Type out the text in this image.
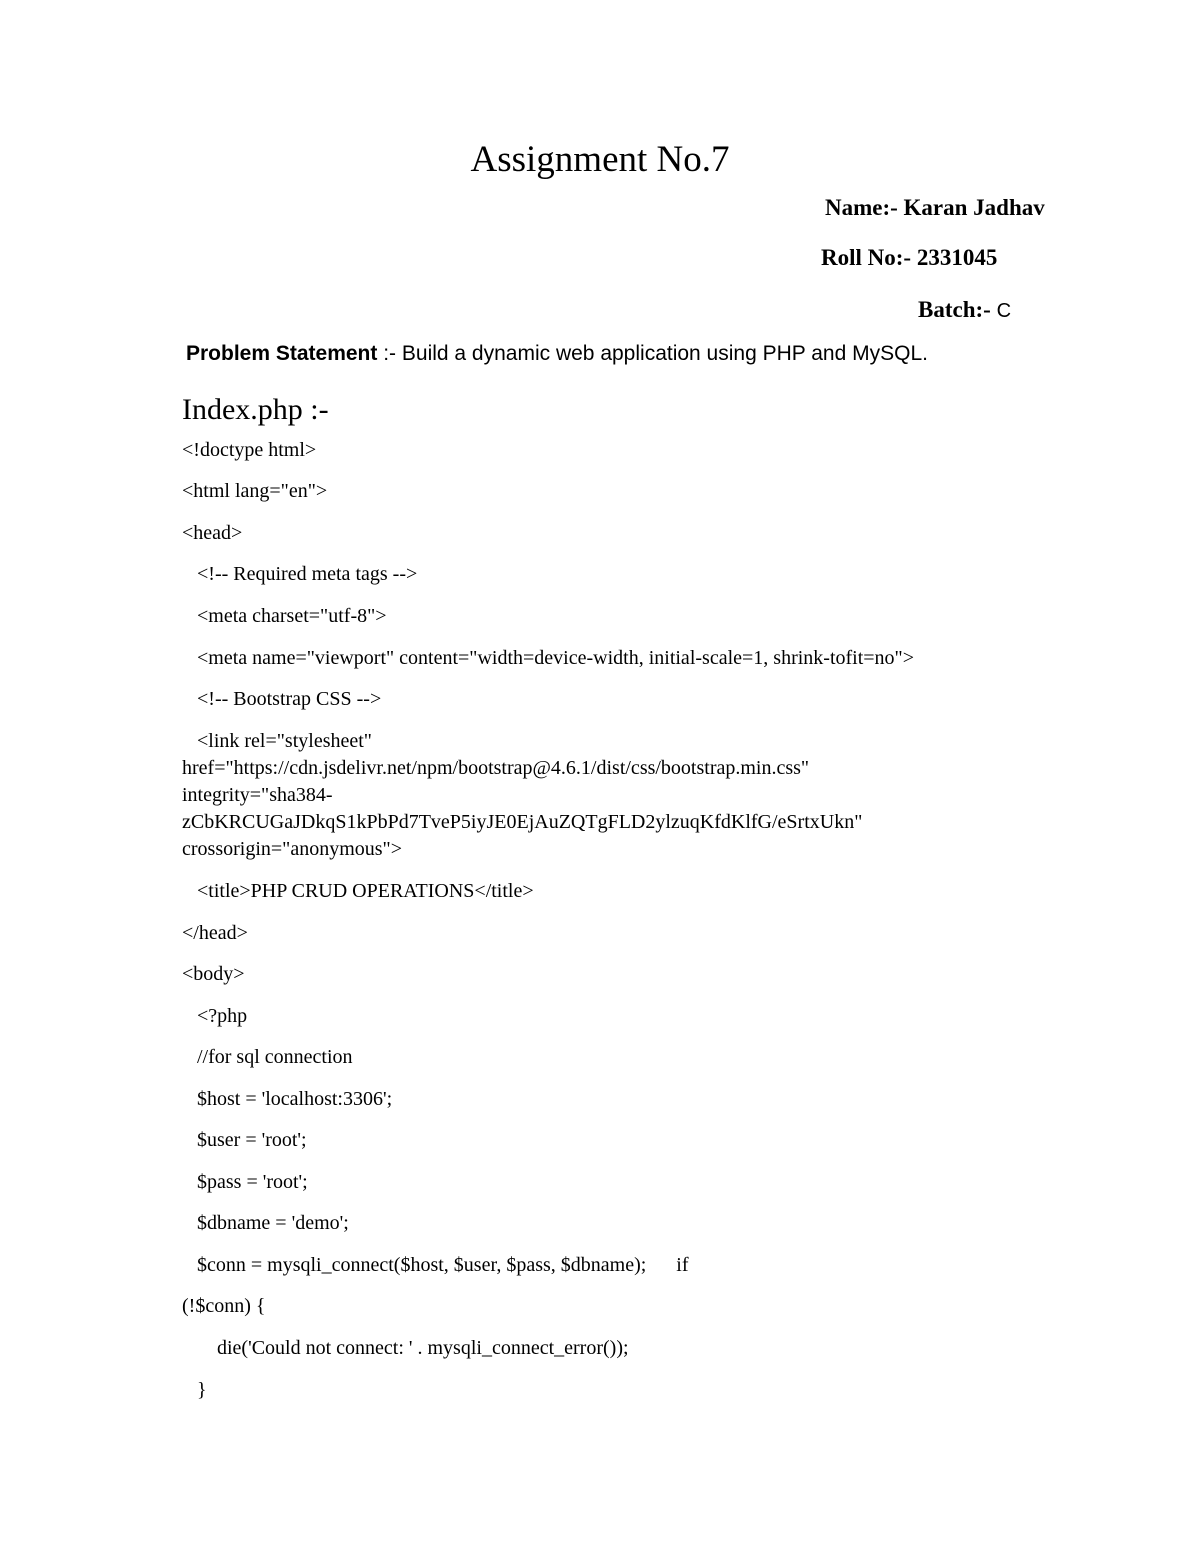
Assignment No.7
Name:- Karan Jadhav
Roll No:- 2331045
Batch:- C
Problem Statement :- Build a dynamic web application using PHP and MySQL.
Index.php :-
<!doctype html>
<html lang="en">
<head>
<!-- Required meta tags -->
<meta charset="utf-8">
<meta name="viewport" content="width=device-width, initial-scale=1, shrink-tofit=no">
<!-- Bootstrap CSS -->
<link rel="stylesheet"
href="https://cdn.jsdelivr.net/npm/bootstrap@4.6.1/dist/css/bootstrap.min.css"
integrity="sha384-
zCbKRCUGaJDkqS1kPbPd7TveP5iyJE0EjAuZQTgFLD2ylzuqKfdKlfG/eSrtxUkn"
crossorigin="anonymous">
<title>PHP CRUD OPERATIONS</title>
</head>
<body>
<?php
//for sql connection
$host = 'localhost:3306';
$user = 'root';
$pass = 'root';
$dbname = 'demo';
$conn = mysqli_connect($host, $user, $pass, $dbname);      if
(!$conn) {
die('Could not connect: ' . mysqli_connect_error());
}
